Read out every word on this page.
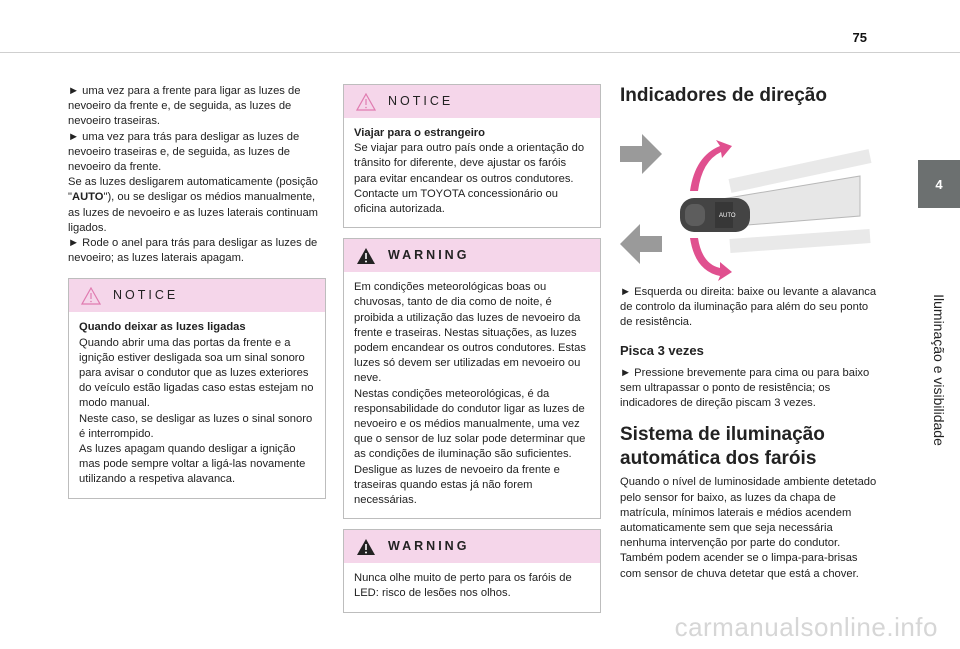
75
4
Iluminação e visibilidade

► uma vez para a frente para ligar as luzes de nevoeiro da frente e, de seguida, as luzes de nevoeiro traseiras.

► uma vez para trás para desligar as luzes de nevoeiro traseiras e, de seguida, as luzes de nevoeiro da frente.

Se as luzes desligarem automaticamente (posição "AUTO"), ou se desligar os médios manualmente, as luzes de nevoeiro e as luzes laterais continuam ligados.

► Rode o anel para trás para desligar as luzes de nevoeiro; as luzes laterais apagam.

NOTICE

Quando deixar as luzes ligadas

Quando abrir uma das portas da frente e a ignição estiver desligada soa um sinal sonoro para avisar o condutor que as luzes exteriores do veículo estão ligadas caso estas estejam no modo manual.

Neste caso, se desligar as luzes o sinal sonoro é interrompido.

As luzes apagam quando desligar a ignição mas pode sempre voltar a ligá-las novamente utilizando a respetiva alavanca.

NOTICE

Viajar para o estrangeiro

Se viajar para outro país onde a orientação do trânsito for diferente, deve ajustar os faróis para evitar encandear os outros condutores. Contacte um TOYOTA concessionário ou oficina autorizada.

WARNING

Em condições meteorológicas boas ou chuvosas, tanto de dia como de noite, é proibida a utilização das luzes de nevoeiro da frente e traseiras. Nestas situações, as luzes podem encandear os outros condutores. Estas luzes só devem ser utilizadas em nevoeiro ou neve.

Nestas condições meteorológicas, é da responsabilidade do condutor ligar as luzes de nevoeiro e os médios manualmente, uma vez que o sensor de luz solar pode determinar que as condições de iluminação são suficientes.

Desligue as luzes de nevoeiro da frente e traseiras quando estas já não forem necessárias.

WARNING

Nunca olhe muito de perto para os faróis de LED: risco de lesões nos olhos.

Indicadores de direção
AUTO

► Esquerda ou direita: baixe ou levante a alavanca de controlo da iluminação para além do seu ponto de resistência.

Pisca 3 vezes

► Pressione brevemente para cima ou para baixo sem ultrapassar o ponto de resistência; os indicadores de direção piscam 3 vezes.

Sistema de iluminação
automática dos faróis

Quando o nível de luminosidade ambiente detetado pelo sensor for baixo, as luzes da chapa de matrícula, mínimos laterais e médios acendem automaticamente sem que seja necessária nenhuma intervenção por parte do condutor. Também podem acender se o limpa-para-brisas com sensor de chuva detetar que está a chover.

carmanualsonline.info
